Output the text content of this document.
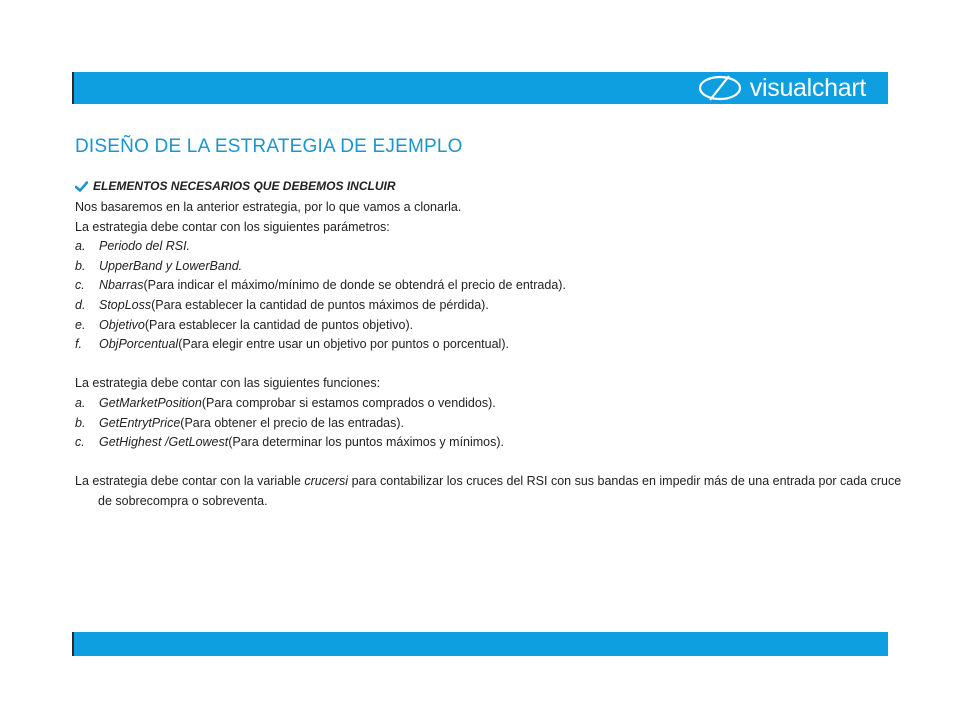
visualchart
DISEÑO DE LA ESTRATEGIA DE EJEMPLO
ELEMENTOS NECESARIOS QUE DEBEMOS INCLUIR

Nos basaremos en la anterior estrategia, por lo que vamos a clonarla.

La estrategia debe contar con los siguientes parámetros:

a.	Periodo del RSI.
b.	UpperBand y LowerBand.
c.	Nbarras (Para indicar el máximo/mínimo de donde se obtendrá el precio de entrada).
d.	StopLoss (Para establecer la cantidad de puntos máximos de pérdida).
e.	Objetivo (Para establecer la cantidad de puntos objetivo).
f.	ObjPorcentual (Para elegir entre usar un objetivo por puntos o porcentual).

La estrategia debe contar con las siguientes funciones:

a.	GetMarketPosition (Para comprobar si estamos comprados o vendidos).
b.	GetEntrytPrice (Para obtener el precio de las entradas).
c.	GetHighest /GetLowest (Para determinar los puntos máximos y mínimos).
La estrategia debe contar con la variable crucersi para contabilizar los cruces del RSI con sus bandas en impedir más de una entrada por cada cruce de sobrecompra o sobreventa.
